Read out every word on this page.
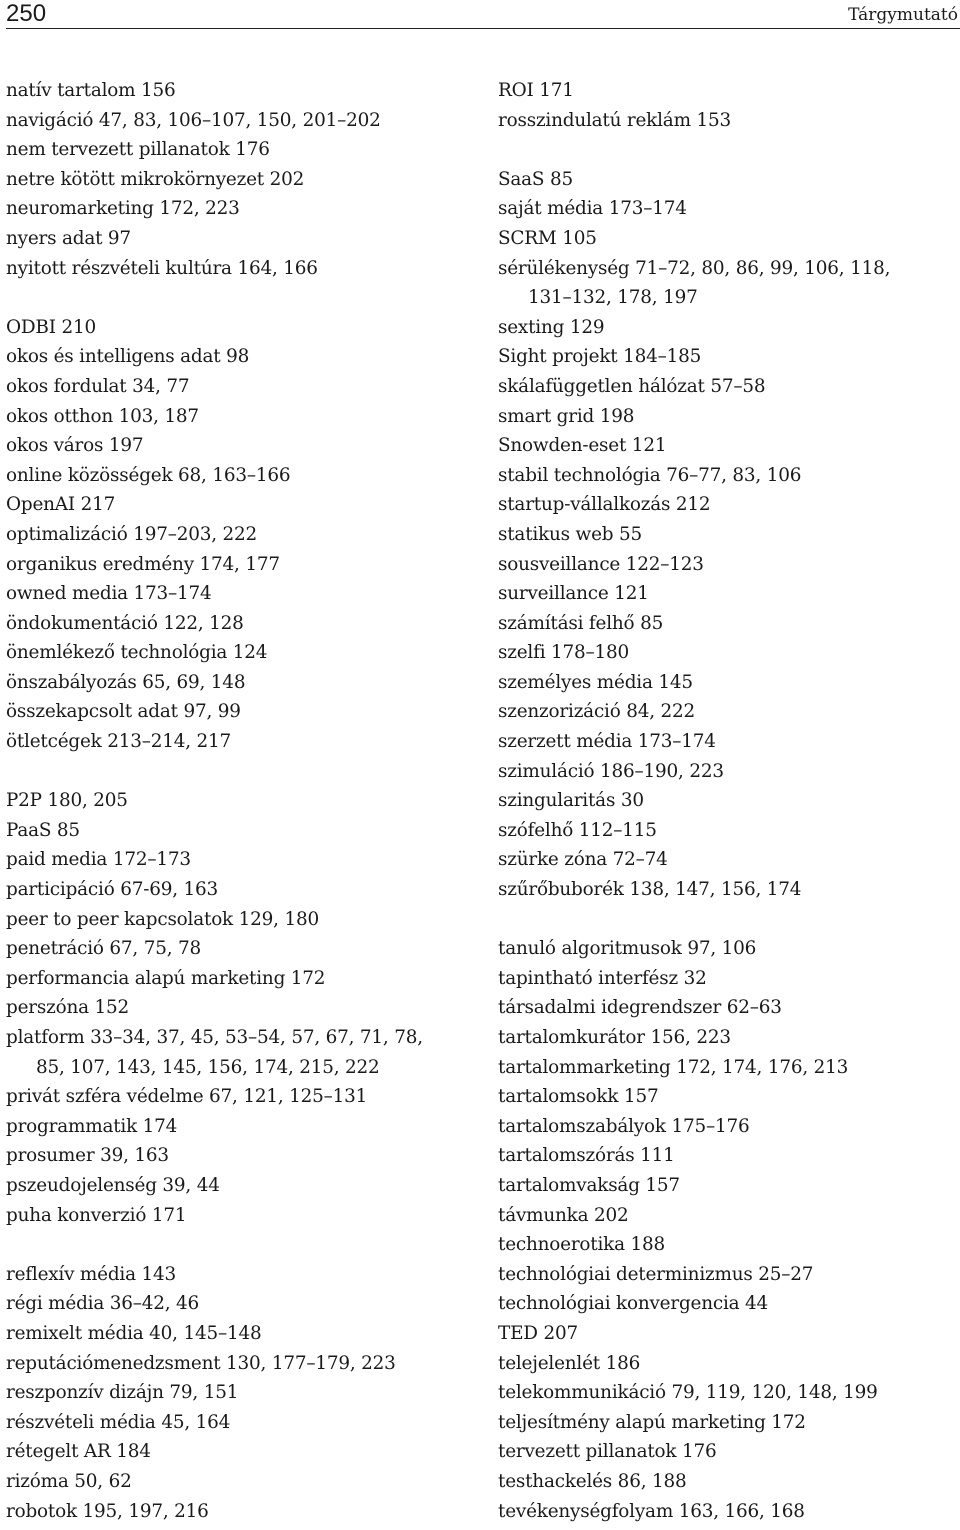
250	Tárgymutató
natív tartalom 156
navigáció 47, 83, 106–107, 150, 201–202
nem tervezett pillanatok 176
netre kötött mikrokörnyezet 202
neuromarketing 172, 223
nyers adat 97
nyitott részvételi kultúra 164, 166
ODBI 210
okos és intelligens adat 98
okos fordulat 34, 77
okos otthon 103, 187
okos város 197
online közösségek 68, 163–166
OpenAI 217
optimalizáció 197–203, 222
organikus eredmény 174, 177
owned media 173–174
öndokumentáció 122, 128
önemlékező technológia 124
önszabályozás 65, 69, 148
összekapcsolt adat 97, 99
ötletcégek 213–214, 217
P2P 180, 205
PaaS 85
paid media 172–173
participáció 67-69, 163
peer to peer kapcsolatok 129, 180
penetráció 67, 75, 78
performancia alapú marketing 172
perszóna 152
platform 33–34, 37, 45, 53–54, 57, 67, 71, 78,
85, 107, 143, 145, 156, 174, 215, 222
privát szféra védelme 67, 121, 125–131
programmatik 174
prosumer 39, 163
pszeudojelenség 39, 44
puha konverzió 171
reflexív média 143
régi média 36–42, 46
remixelt média 40, 145–148
reputációmenedzsment 130, 177–179, 223
reszponzív dizájn 79, 151
részvételi média 45, 164
rétegelt AR 184
rizóma 50, 62
robotok 195, 197, 216
ROI 171
rosszindulatú reklám 153
SaaS 85
saját média 173–174
SCRM 105
sérülékenység 71–72, 80, 86, 99, 106, 118,
131–132, 178, 197
sexting 129
Sight projekt 184–185
skálafüggetlen hálózat 57–58
smart grid 198
Snowden-eset 121
stabil technológia 76–77, 83, 106
startup-vállalkozás 212
statikus web 55
sousveillance 122–123
surveillance 121
számítási felhő 85
szelfi 178–180
személyes média 145
szenzorizáció 84, 222
szerzett média 173–174
szimuláció 186–190, 223
szingularitás 30
szófelhő 112–115
szürke zóna 72–74
szűrőbuborék 138, 147, 156, 174
tanuló algoritmusok 97, 106
tapintható interfész 32
társadalmi idegrendszer 62–63
tartalomkurátor 156, 223
tartalommarketing 172, 174, 176, 213
tartalomsokk 157
tartalomszabályok 175–176
tartalomszórás 111
tartalomvakság 157
távmunka 202
technoerotika 188
technológiai determinizmus 25–27
technológiai konvergencia 44
TED 207
telejelenlét 186
telekommunikáció 79, 119, 120, 148, 199
teljesítmény alapú marketing 172
tervezett pillanatok 176
testhackelés 86, 188
tevékenységfolyam 163, 166, 168
